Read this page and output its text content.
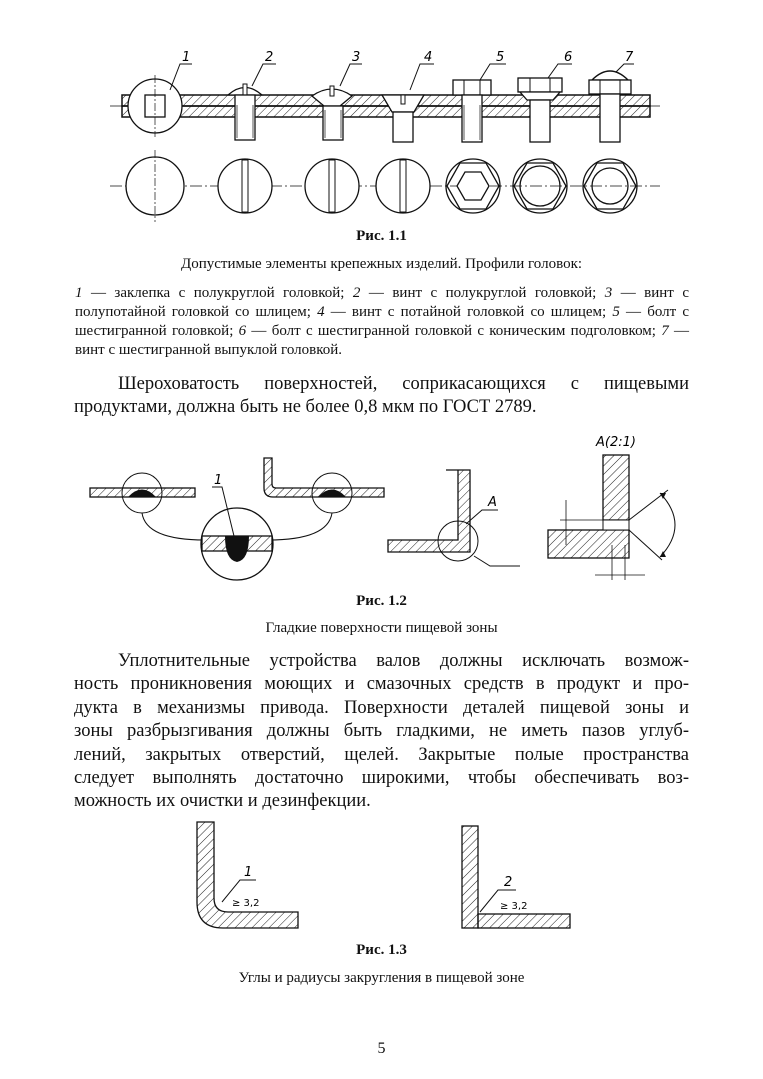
1	2	3	4	5	6	7
Рис. 1.1
Допустимые элементы крепежных изделий. Профили головок:
1 — заклепка с полукруглой головкой; 2 — винт с полукруглой головкой; 3 — винт с полупотайной головкой со шлицем; 4 — винт с потайной головкой со шлицем; 5 — болт с шестигранной головкой; 6 — болт с шестигранной головкой с коническим подголовком; 7 — винт с шестигранной выпуклой головкой.
Шероховатость поверхностей, соприкасающихся с пищевыми
продуктами, должна быть не более 0,8 мкм по ГОСТ 2789.
1
A
A(2:1)
Рис. 1.2
Гладкие поверхности пищевой зоны
Уплотнительные устройства валов должны исключать возмож-
ность проникновения моющих и смазочных средств в продукт и про-
дукта в механизмы привода. Поверхности деталей пищевой зоны и
зоны разбрызгивания должны быть гладкими, не иметь пазов углуб-
лений, закрытых отверстий, щелей. Закрытые полые пространства
следует выполнять достаточно широкими, чтобы обеспечивать воз-
можность их очистки и дезинфекции.
1
≥ 3,2
2
≥ 3,2
Рис. 1.3
Углы и радиусы закругления в пищевой зоне
5
